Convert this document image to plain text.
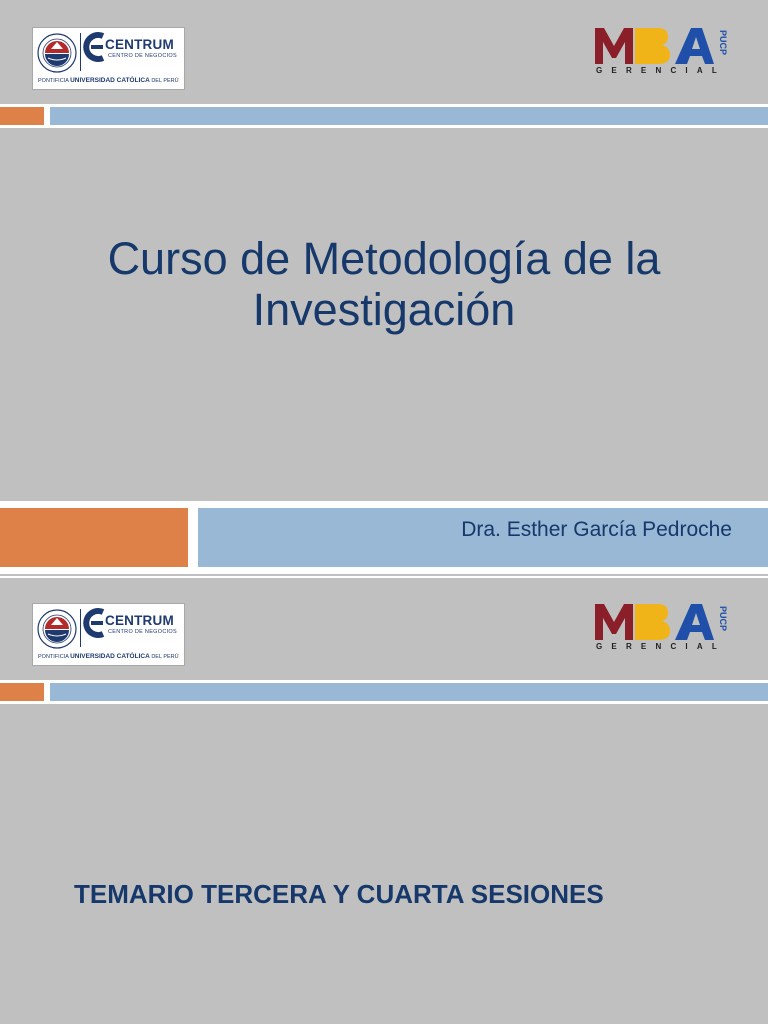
CENTRUM
CENTRO DE NEGOCIOS
PONTIFICIA UNIVERSIDAD CATÓLICA DEL PERÚ
PUCP
GERENCIAL
Curso de Metodología de la
Investigación
Dra. Esther García Pedroche
CENTRUM
CENTRO DE NEGOCIOS
PONTIFICIA UNIVERSIDAD CATÓLICA DEL PERÚ
PUCP
GERENCIAL
TEMARIO TERCERA Y CUARTA SESIONES
